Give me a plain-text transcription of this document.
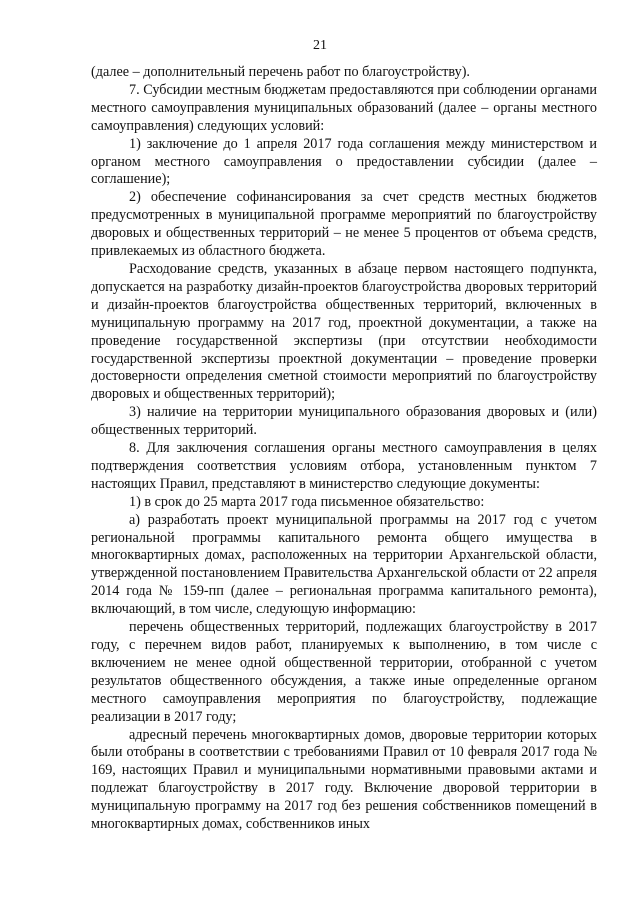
21

(далее – дополнительный перечень работ по благоустройству).

7. Субсидии местным бюджетам предоставляются при соблюдении органами местного самоуправления муниципальных образований (далее – органы местного самоуправления) следующих условий:

1) заключение до 1 апреля 2017 года соглашения между министерством и органом местного самоуправления о предоставлении субсидии (далее – соглашение);

2) обеспечение софинансирования за счет средств местных бюджетов предусмотренных в муниципальной программе мероприятий по благоустройству дворовых и общественных территорий – не менее 5 процентов от объема средств, привлекаемых из областного бюджета.

Расходование средств, указанных в абзаце первом настоящего подпункта, допускается на разработку дизайн-проектов благоустройства дворовых территорий и дизайн-проектов благоустройства общественных территорий, включенных в муниципальную программу на 2017 год, проектной документации, а также на проведение государственной экспертизы (при отсутствии необходимости государственной экспертизы проектной документации – проведение проверки достоверности определения сметной стоимости мероприятий по благоустройству дворовых и общественных территорий);

3) наличие на территории муниципального образования дворовых и (или) общественных территорий.

8. Для заключения соглашения органы местного самоуправления в целях подтверждения соответствия условиям отбора, установленным пунктом 7 настоящих Правил, представляют в министерство следующие документы:

1) в срок до 25 марта 2017 года письменное обязательство:

а) разработать проект муниципальной программы на 2017 год с учетом региональной программы капитального ремонта общего имущества в многоквартирных домах, расположенных на территории Архангельской области, утвержденной постановлением Правительства Архангельской области от 22 апреля 2014 года № 159-пп (далее – региональная программа капитального ремонта), включающий, в том числе, следующую информацию:

перечень общественных территорий, подлежащих благоустройству в 2017 году, с перечнем видов работ, планируемых к выполнению, в том числе с включением не менее одной общественной территории, отобранной с учетом результатов общественного обсуждения, а также иные определенные органом местного самоуправления мероприятия по благоустройству, подлежащие реализации в 2017 году;

адресный перечень многоквартирных домов, дворовые территории которых были отобраны в соответствии с требованиями Правил от 10 февраля 2017 года № 169, настоящих Правил и муниципальными нормативными правовыми актами и подлежат благоустройству в 2017 году. Включение дворовой территории в муниципальную программу на 2017 год без решения собственников помещений в многоквартирных домах, собственников иных
